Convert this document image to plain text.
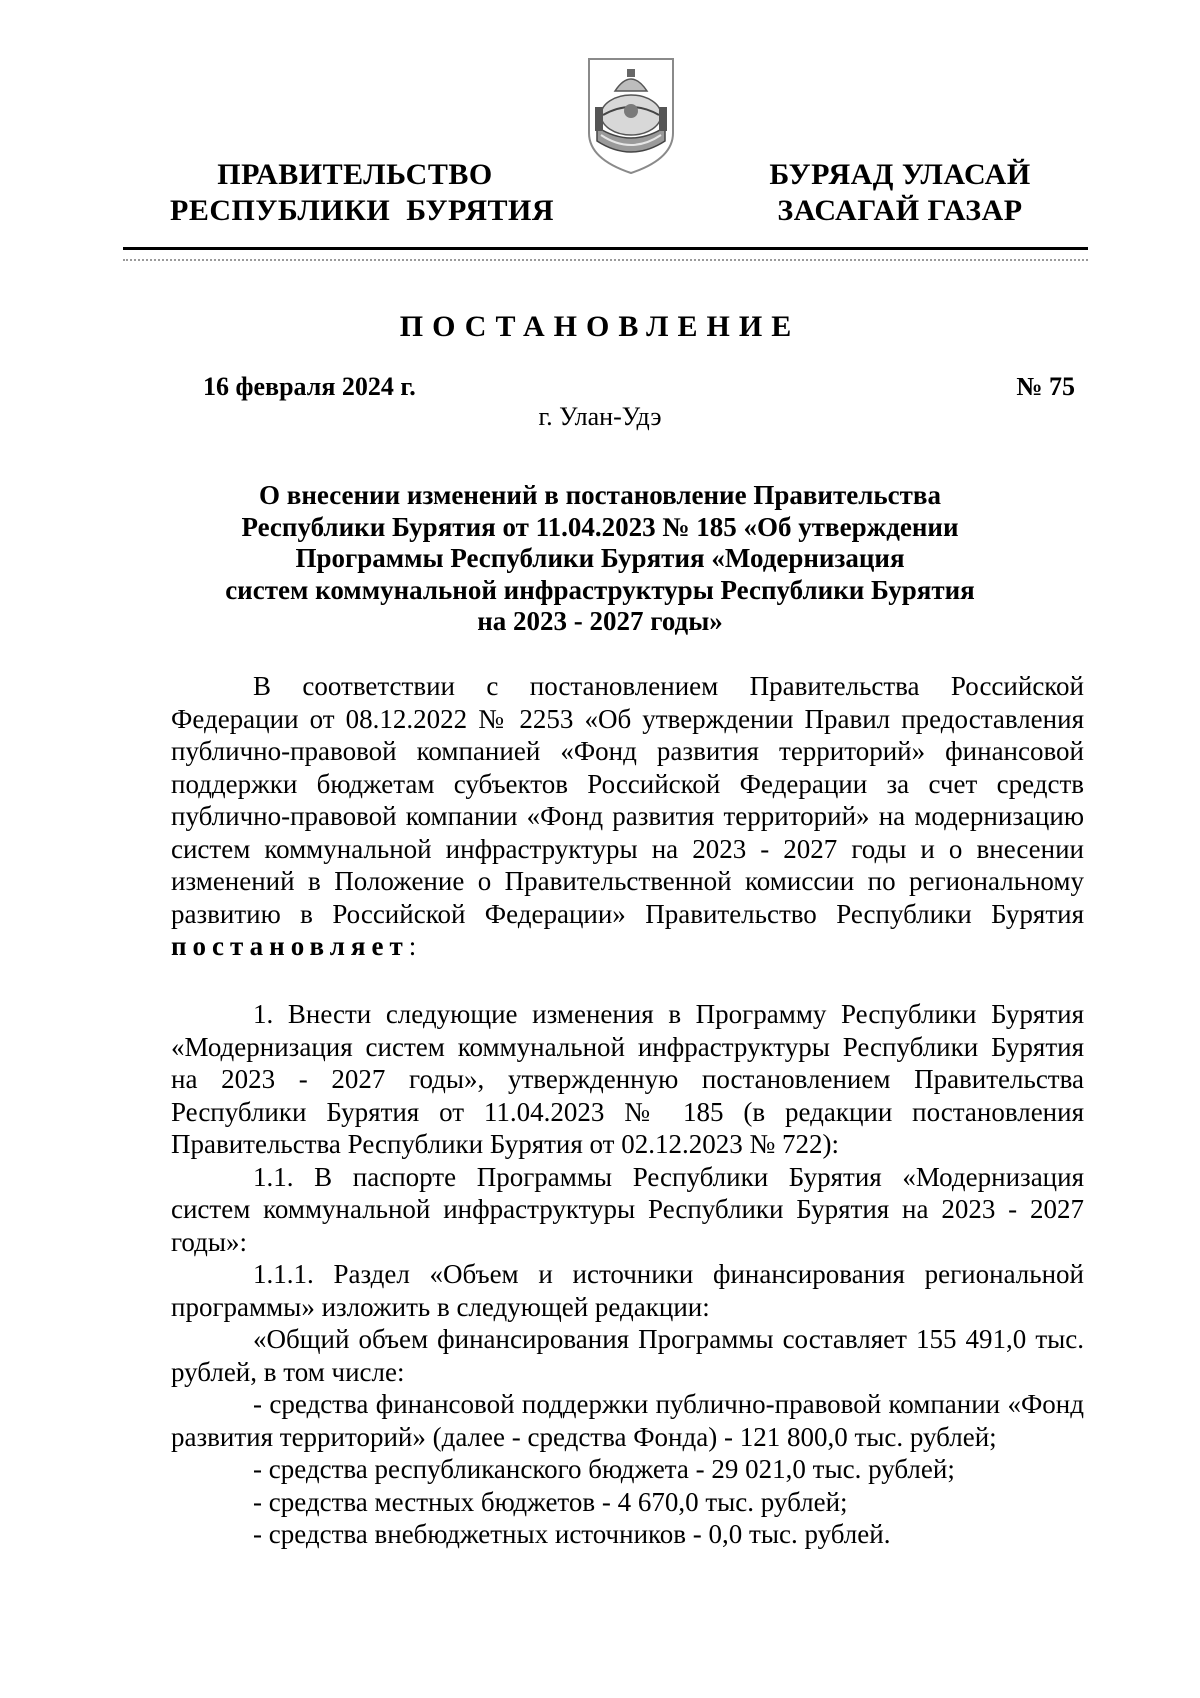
ПРАВИТЕЛЬСТВО
РЕСПУБЛИКИ  БУРЯТИЯ
БУРЯАД УЛАСАЙ
ЗАСАГАЙ ГАЗАР
ПОСТАНОВЛЕНИЕ
16 февраля 2024 г.	№ 75
г. Улан-Удэ
О внесении изменений в постановление Правительства
Республики Бурятия от 11.04.2023 № 185 «Об утверждении
Программы Республики Бурятия «Модернизация
систем коммунальной инфраструктуры Республики Бурятия
на 2023 - 2027 годы»

В соответствии с постановлением Правительства Российской Федерации от 08.12.2022 № 2253 «Об утверждении Правил предоставления публично-правовой компанией «Фонд развития территорий» финансовой поддержки бюджетам субъектов Российской Федерации за счет средств публично-правовой компании «Фонд развития территорий» на модернизацию систем коммунальной инфраструктуры на 2023 - 2027 годы и о внесении изменений в Положение о Правительственной комиссии по региональному развитию в Российской Федерации» Правительство Республики Бурятия постановляет:

1. Внести следующие изменения в Программу Республики Бурятия «Модернизация систем коммунальной инфраструктуры Республики Бурятия на 2023 - 2027 годы», утвержденную постановлением Правительства Республики Бурятия от 11.04.2023 № 185 (в редакции постановления Правительства Республики Бурятия от 02.12.2023 № 722):

1.1. В паспорте Программы Республики Бурятия «Модернизация систем коммунальной инфраструктуры Республики Бурятия на 2023 - 2027 годы»:

1.1.1. Раздел «Объем и источники финансирования региональной программы» изложить в следующей редакции:

«Общий объем финансирования Программы составляет 155 491,0 тыс. рублей, в том числе:

- средства финансовой поддержки публично-правовой компании «Фонд развития территорий» (далее - средства Фонда) - 121 800,0 тыс. рублей;

- средства республиканского бюджета - 29 021,0 тыс. рублей;

- средства местных бюджетов - 4 670,0 тыс. рублей;

- средства внебюджетных источников - 0,0 тыс. рублей.
